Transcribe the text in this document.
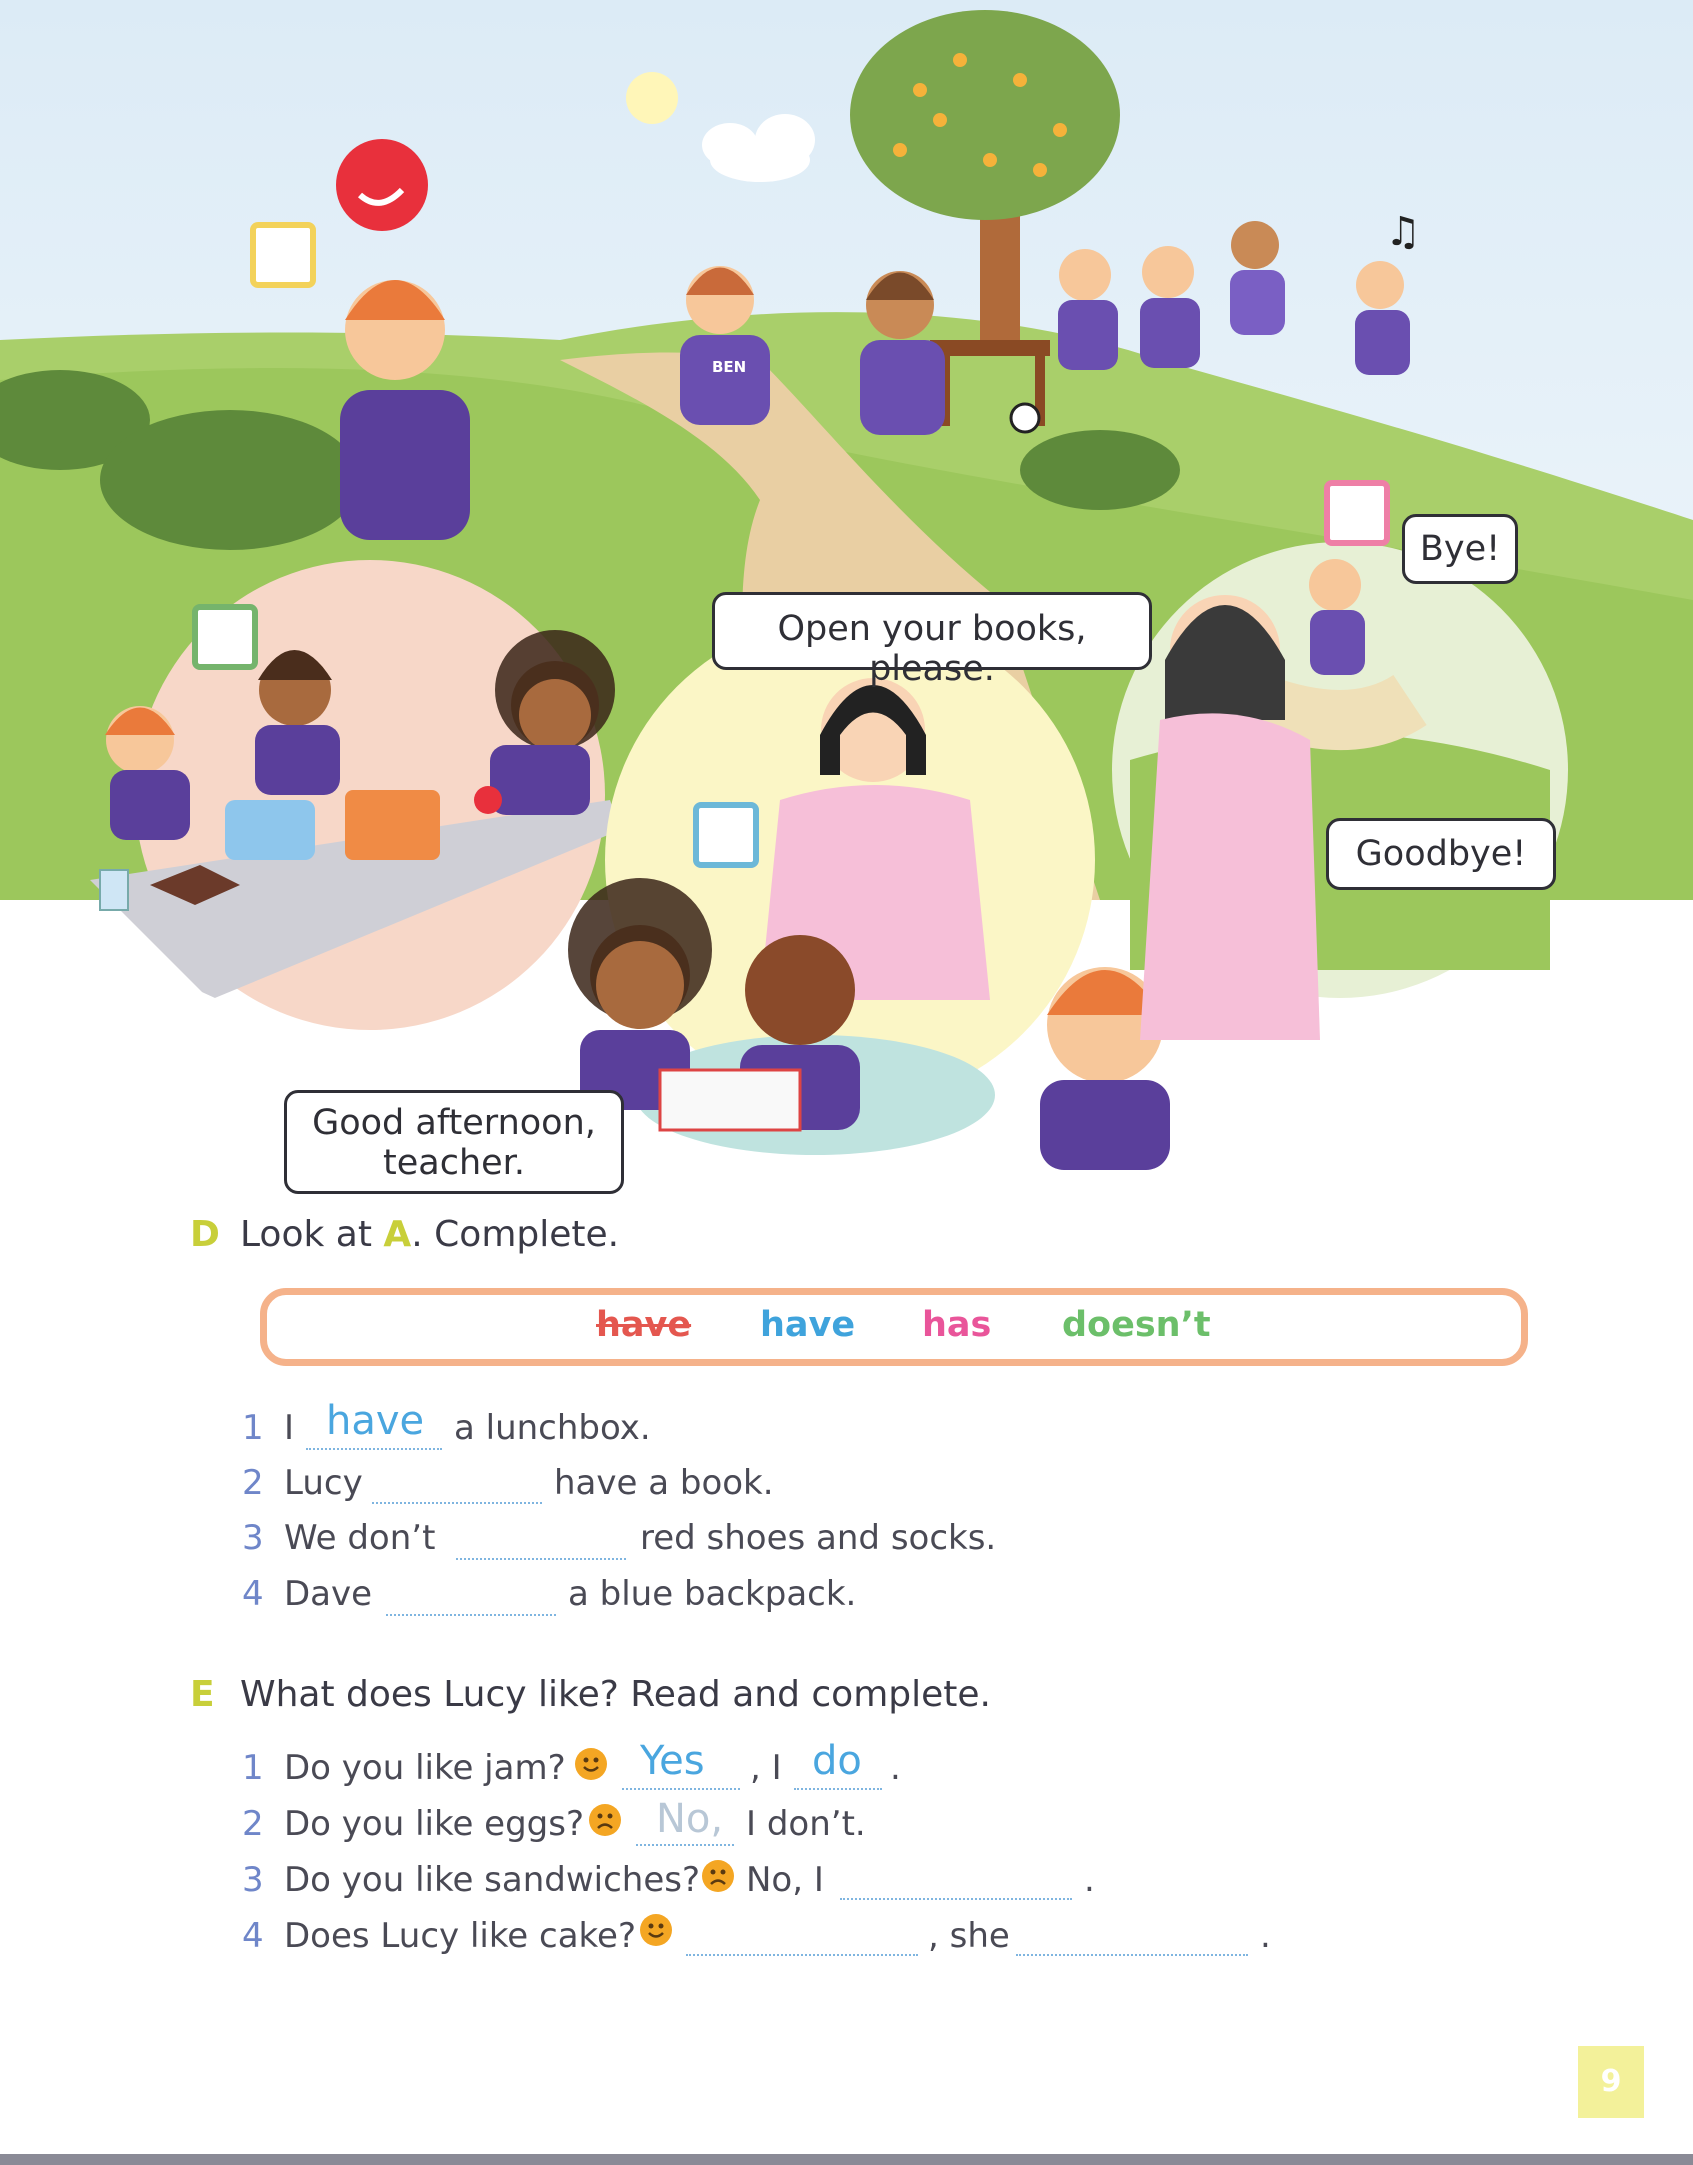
♫
Open your books, please.
Bye!
Goodbye!
Good afternoon,
teacher.
BEN
D Look at A. Complete.
have have has doesn’t
1 I have a lunchbox.
2 Lucy	have a book.
3 We don’t	red shoes and socks.
4 Dave	a blue backpack.
E What does Lucy like? Read and complete.
1 Do you like jam? Yes , I do .
2 Do you like eggs? No, I don’t.
3 Do you like sandwiches? No, I	.
4 Does Lucy like cake?	, she	.
9
